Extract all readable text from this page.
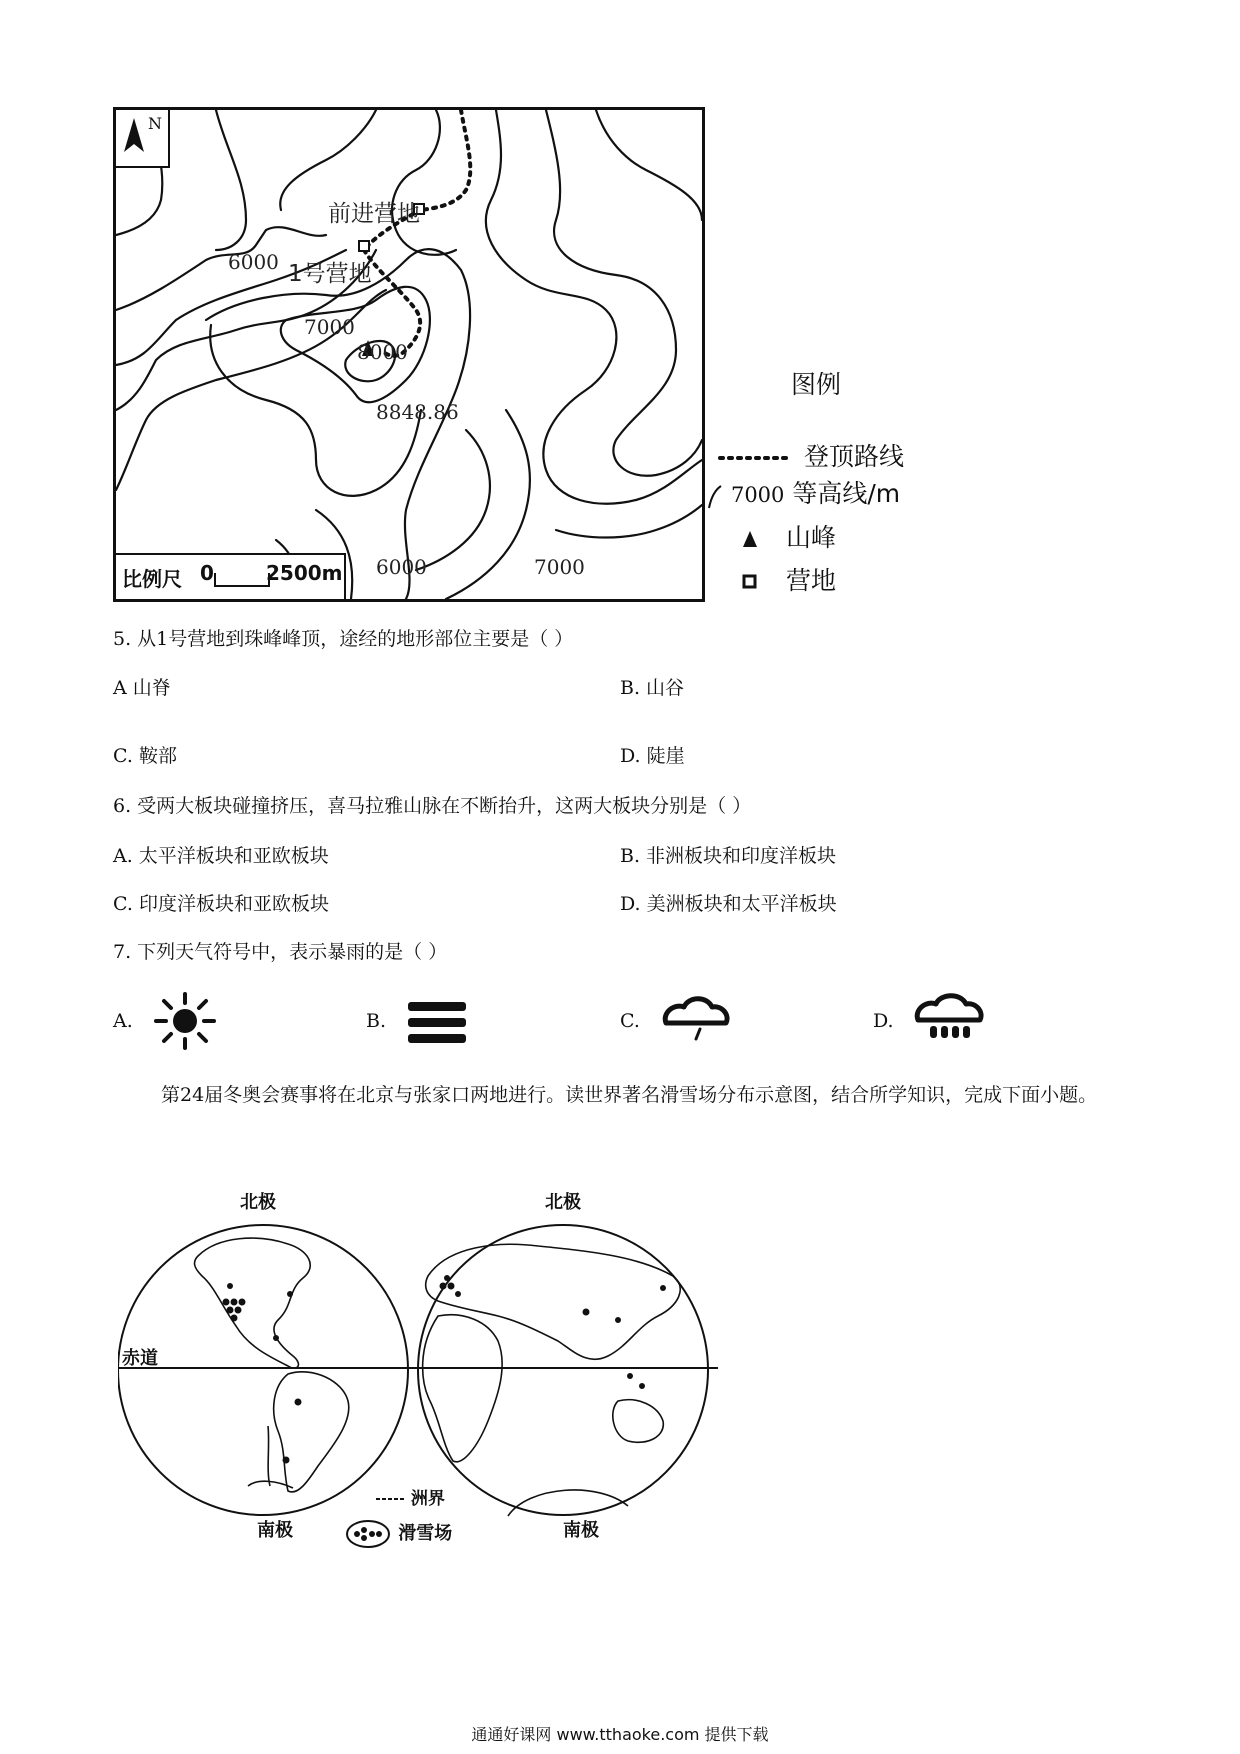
N
前进营地
1号营地
6000
7000
8000
8848.86
6000	7000
比例尺 0	2500m
图例
登顶路线
7000 等高线/m
山峰
营地
5. 从1号营地到珠峰峰顶，途经的地形部位主要是（ ）
A 山脊	B. 山谷
C. 鞍部	D. 陡崖
6. 受两大板块碰撞挤压，喜马拉雅山脉在不断抬升，这两大板块分别是（ ）
A. 太平洋板块和亚欧板块	B. 非洲板块和印度洋板块
C. 印度洋板块和亚欧板块	D. 美洲板块和太平洋板块
7. 下列天气符号中，表示暴雨的是（ ）
A.	B.	C.	D.
第24届冬奥会赛事将在北京与张家口两地进行。读世界著名滑雪场分布示意图，结合所学知识，完成下面小题。
北极	北极
赤道
南极	南极
洲界
滑雪场
通通好课网 www.tthaoke.com 提供下载
